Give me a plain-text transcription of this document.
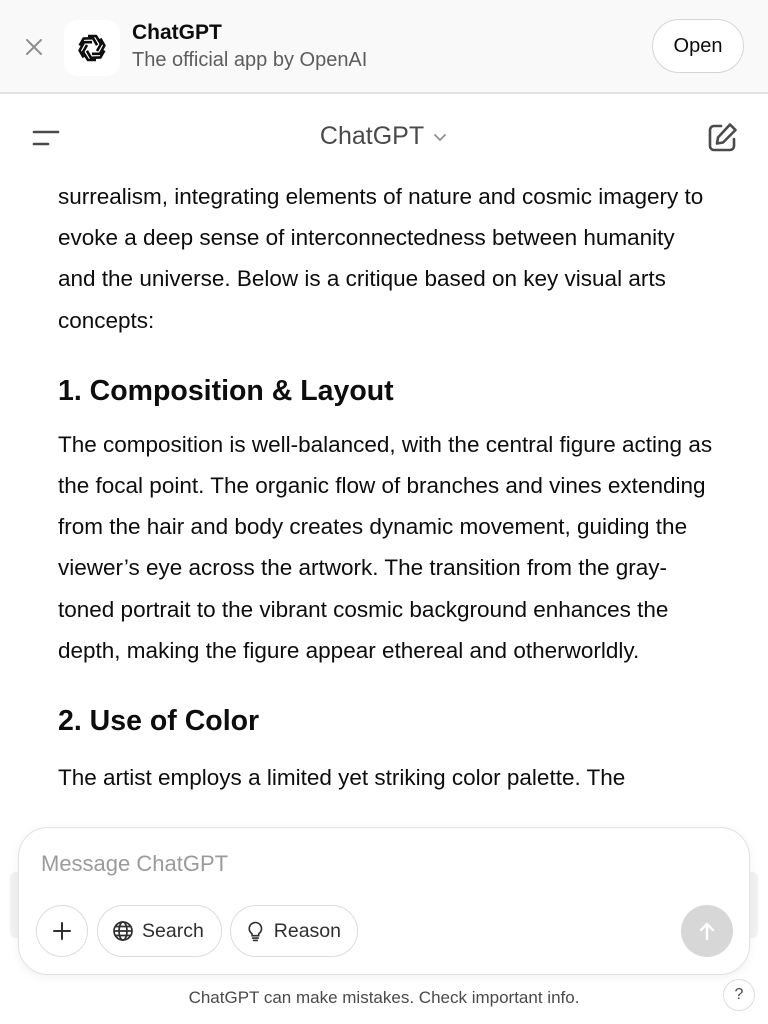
ChatGPT
The official app by OpenAI
Open
ChatGPT

surrealism, integrating elements of nature and cosmic imagery to evoke a deep sense of interconnectedness between humanity and the universe. Below is a critique based on key visual arts concepts:

1. Composition & Layout

The composition is well-balanced, with the central figure acting as the focal point. The organic flow of branches and vines extending from the hair and body creates dynamic movement, guiding the viewer’s eye across the artwork. The transition from the gray-toned portrait to the vibrant cosmic background enhances the depth, making the figure appear ethereal and otherworldly.

2. Use of Color

The artist employs a limited yet striking color palette. The

Message ChatGPT
Search	Reason
ChatGPT can make mistakes. Check important info.	?
